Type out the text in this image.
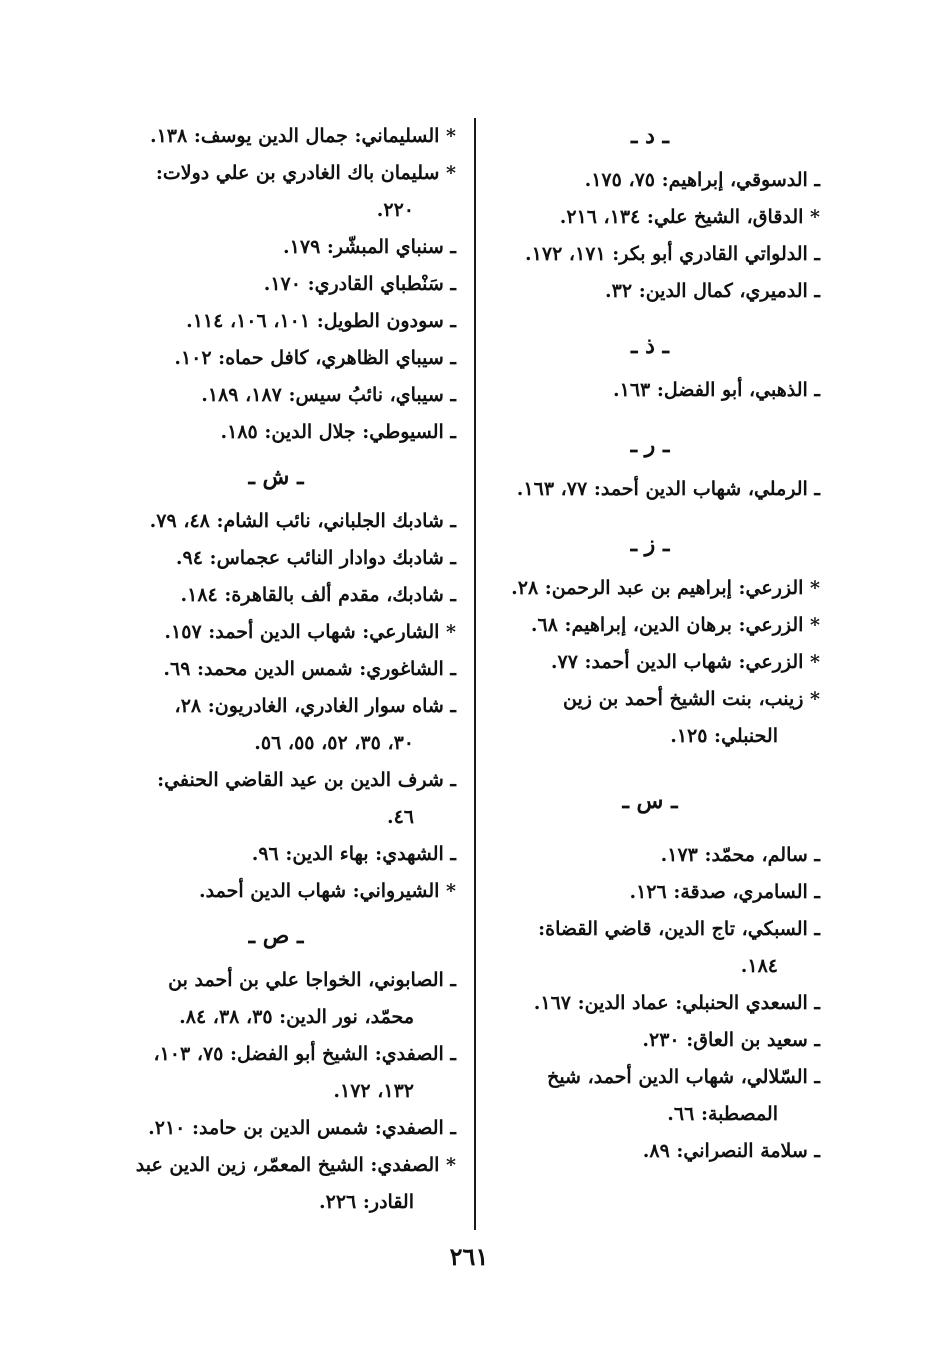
ـ د ـ
ـ الدسوقي، إبراهيم: ٧٥، ١٧٥.
* الدقاق، الشيخ علي: ١٣٤، ٢١٦.
ـ الدلواتي القادري أبو بكر: ١٧١، ١٧٢.
ـ الدميري، كمال الدين: ٣٢.
ـ ذ ـ
ـ الذهبي، أبو الفضل: ١٦٣.
ـ ر ـ
ـ الرملي، شهاب الدين أحمد: ٧٧، ١٦٣.
ـ ز ـ
* الزرعي: إبراهيم بن عبد الرحمن: ٢٨.
* الزرعي: برهان الدين، إبراهيم: ٦٨.
* الزرعي: شهاب الدين أحمد: ٧٧.
* زينب، بنت الشيخ أحمد بن زين
الحنبلي: ١٢٥.
ـ س ـ
ـ سالم، محمّد: ١٧٣.
ـ السامري، صدقة: ١٢٦.
ـ السبكي، تاج الدين، قاضي القضاة:
١٨٤.
ـ السعدي الحنبلي: عماد الدين: ١٦٧.
ـ سعيد بن العاق: ٢٣٠.
ـ السّلالي، شهاب الدين أحمد، شيخ
المصطبة: ٦٦.
ـ سلامة النصراني: ٨٩.
* السليماني: جمال الدين يوسف: ١٣٨.
* سليمان باك الغادري بن علي دولات:
٢٢٠.
ـ سنباي المبشّر: ١٧٩.
ـ سَنْطباي القادري: ١٧٠.
ـ سودون الطويل: ١٠١، ١٠٦، ١١٤.
ـ سيباي الظاهري، كافل حماه: ١٠٢.
ـ سيباي، نائبُ سيس: ١٨٧، ١٨٩.
ـ السيوطي: جلال الدين: ١٨٥.
ـ ش ـ
ـ شادبك الجلباني، نائب الشام: ٤٨، ٧٩.
ـ شادبك دوادار النائب عجماس: ٩٤.
ـ شادبك، مقدم ألف بالقاهرة: ١٨٤.
* الشارعي: شهاب الدين أحمد: ١٥٧.
ـ الشاغوري: شمس الدين محمد: ٦٩.
ـ شاه سوار الغادري، الغادريون: ٢٨،
٣٠، ٣٥، ٥٢، ٥٥، ٥٦.
ـ شرف الدين بن عيد القاضي الحنفي:
٤٦.
ـ الشهدي: بهاء الدين: ٩٦.
* الشيرواني: شهاب الدين أحمد.
ـ ص ـ
ـ الصابوني، الخواجا علي بن أحمد بن
محمّد، نور الدين: ٣٥، ٣٨، ٨٤.
ـ الصفدي: الشيخ أبو الفضل: ٧٥، ١٠٣،
١٣٢، ١٧٢.
ـ الصفدي: شمس الدين بن حامد: ٢١٠.
* الصفدي: الشيخ المعمّر، زين الدين عبد
القادر: ٢٢٦.
٢٦١
